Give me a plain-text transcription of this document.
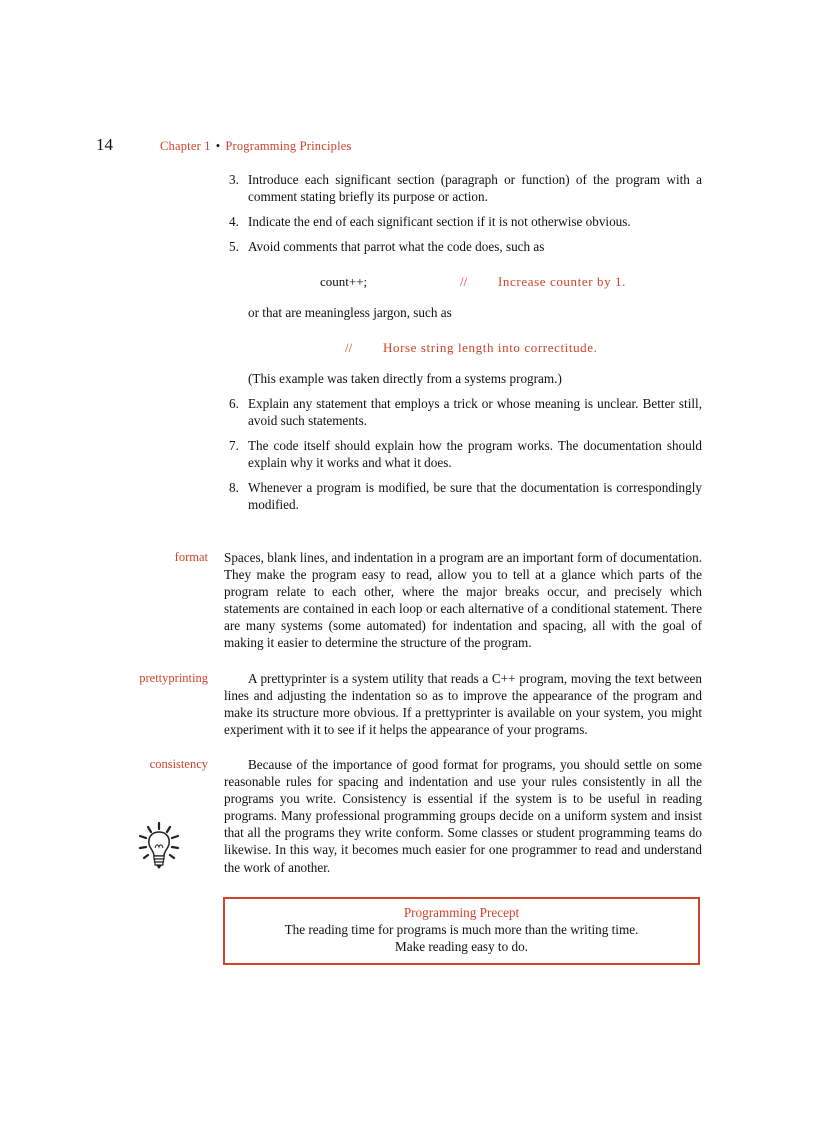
14	Chapter 1 • Programming Principles
3. Introduce each significant section (paragraph or function) of the program with a comment stating briefly its purpose or action.
4. Indicate the end of each significant section if it is not otherwise obvious.
5. Avoid comments that parrot what the code does, such as
count++;	// Increase counter by 1.
or that are meaningless jargon, such as
// Horse string length into correctitude.
(This example was taken directly from a systems program.)
6. Explain any statement that employs a trick or whose meaning is unclear. Better still, avoid such statements.
7. The code itself should explain how the program works. The documentation should explain why it works and what it does.
8. Whenever a program is modified, be sure that the documentation is correspondingly modified.
format Spaces, blank lines, and indentation in a program are an important form of documentation. They make the program easy to read, allow you to tell at a glance which parts of the program relate to each other, where the major breaks occur, and precisely which statements are contained in each loop or each alternative of a conditional statement. There are many systems (some automated) for indentation and spacing, all with the goal of making it easier to determine the structure of the program.

prettyprinting	A prettyprinter is a system utility that reads a C++ program, moving the text between lines and adjusting the indentation so as to improve the appearance of the program and make its structure more obvious. If a prettyprinter is available on your system, you might experiment with it to see if it helps the appearance of your programs.

consistency	Because of the importance of good format for programs, you should settle on some reasonable rules for spacing and indentation and use your rules consistently in all the programs you write. Consistency is essential if the system is to be useful in reading programs. Many professional programming groups decide on a uniform system and insist that all the programs they write conform. Some classes or student programming teams do likewise. In this way, it becomes much easier for one programmer to read and understand the work of another.

Programming Precept
The reading time for programs is much more than the writing time.
Make reading easy to do.
